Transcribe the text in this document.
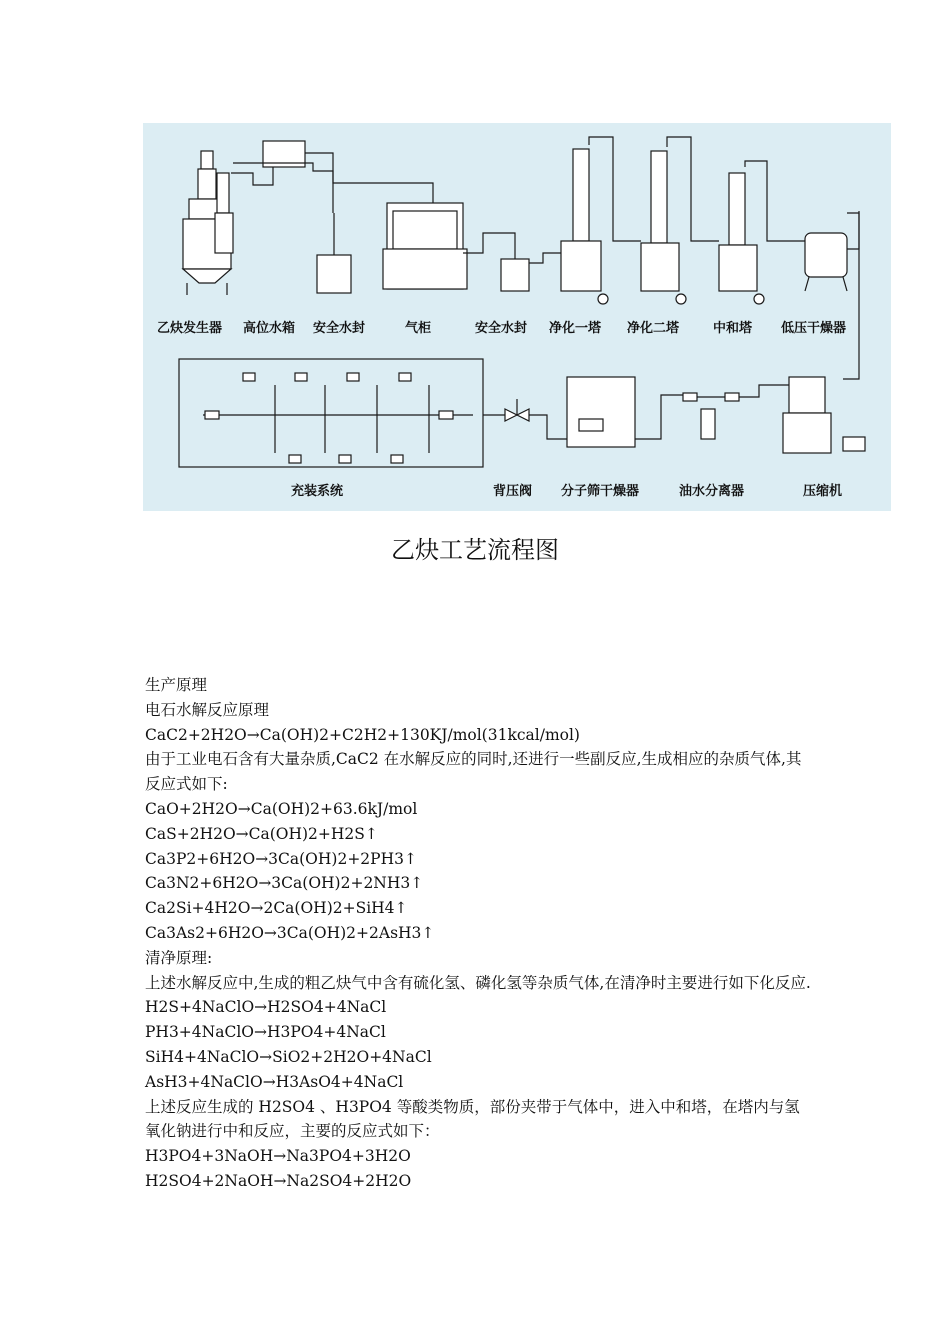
乙炔发生器 高位水箱 安全水封	气柜	安全水封 净化一塔 净化二塔	中和塔 低压干燥器
充装系统	背压阀 分子筛干燥器	油水分离器	压缩机
乙炔工艺流程图
生产原理
电石水解反应原理
CaC2+2H2O→Ca(OH)2+C2H2+130KJ/mol(31kcal/mol)
由于工业电石含有大量杂质,CaC2 在水解反应的同时,还进行一些副反应,生成相应的杂质气体,其反应式如下:
CaO+2H2O→Ca(OH)2+63.6kJ/mol
CaS+2H2O→Ca(OH)2+H2S↑
Ca3P2+6H2O→3Ca(OH)2+2PH3↑
Ca3N2+6H2O→3Ca(OH)2+2NH3↑
Ca2Si+4H2O→2Ca(OH)2+SiH4↑
Ca3As2+6H2O→3Ca(OH)2+2AsH3↑
清净原理:
上述水解反应中,生成的粗乙炔气中含有硫化氢、磷化氢等杂质气体,在清净时主要进行如下化反应.
H2S+4NaClO→H2SO4+4NaCl
PH3+4NaClO→H3PO4+4NaCl
SiH4+4NaClO→SiO2+2H2O+4NaCl
AsH3+4NaClO→H3AsO4+4NaCl
上述反应生成的 H2SO4 、H3PO4 等酸类物质，部份夹带于气体中，进入中和塔，在塔内与氢氧化钠进行中和反应，主要的反应式如下：
H3PO4+3NaOH→Na3PO4+3H2O
H2SO4+2NaOH→Na2SO4+2H2O
